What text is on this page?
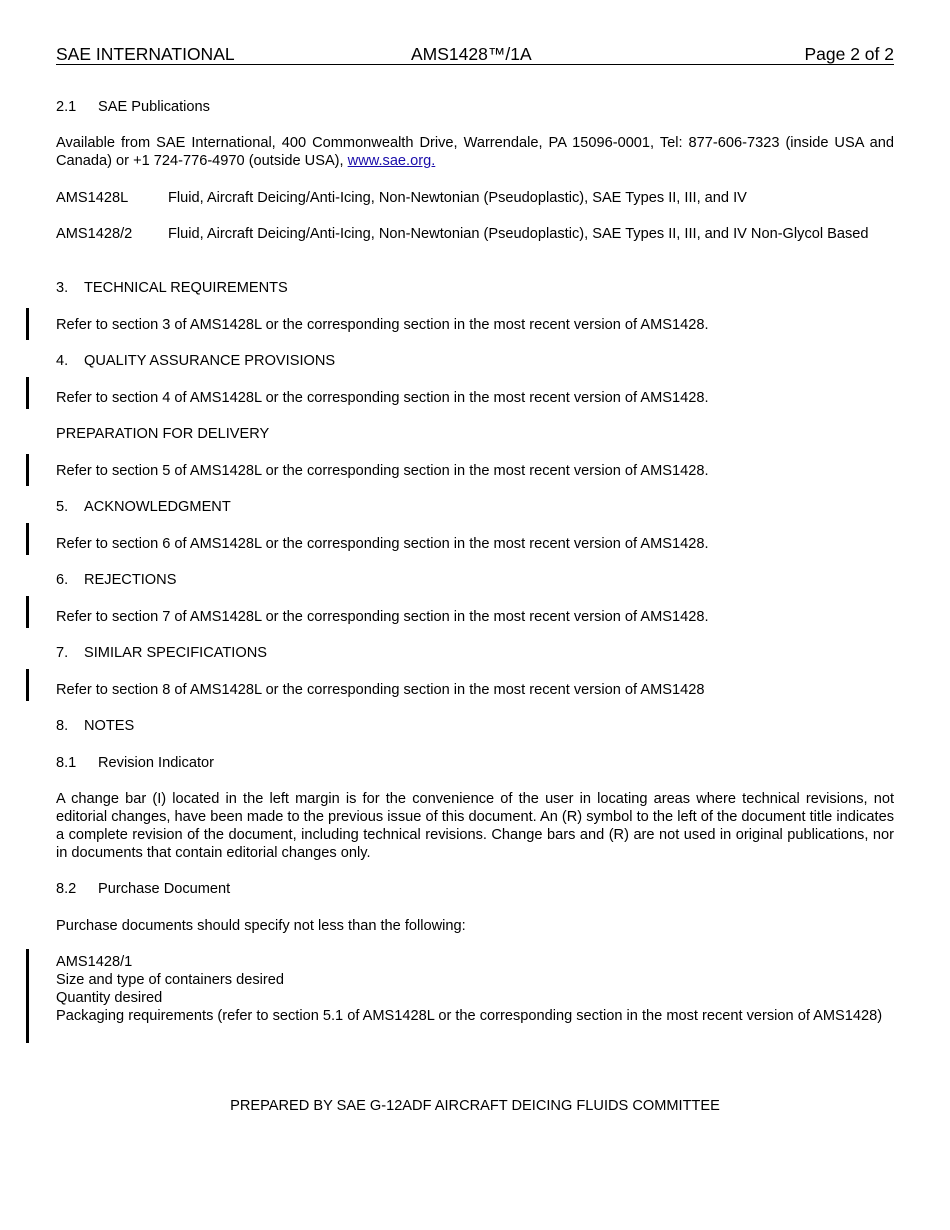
SAE INTERNATIONAL	AMS1428™/1A	Page 2 of 2
2.1 SAE Publications
Available from SAE International, 400 Commonwealth Drive, Warrendale, PA 15096-0001, Tel: 877-606-7323 (inside USA and Canada) or +1 724-776-4970 (outside USA), www.sae.org.
AMS1428L	Fluid, Aircraft Deicing/Anti-Icing, Non-Newtonian (Pseudoplastic), SAE Types II, III, and IV
AMS1428/2 Fluid, Aircraft Deicing/Anti-Icing, Non-Newtonian (Pseudoplastic), SAE Types II, III, and IV Non-Glycol Based
3. TECHNICAL REQUIREMENTS
Refer to section 3 of AMS1428L or the corresponding section in the most recent version of AMS1428.
4. QUALITY ASSURANCE PROVISIONS
Refer to section 4 of AMS1428L or the corresponding section in the most recent version of AMS1428.
PREPARATION FOR DELIVERY
Refer to section 5 of AMS1428L or the corresponding section in the most recent version of AMS1428.
5. ACKNOWLEDGMENT
Refer to section 6 of AMS1428L or the corresponding section in the most recent version of AMS1428.
6. REJECTIONS
Refer to section 7 of AMS1428L or the corresponding section in the most recent version of AMS1428.
7. SIMILAR SPECIFICATIONS
Refer to section 8 of AMS1428L or the corresponding section in the most recent version of AMS1428
8. NOTES
8.1 Revision Indicator
A change bar (I) located in the left margin is for the convenience of the user in locating areas where technical revisions, not editorial changes, have been made to the previous issue of this document. An (R) symbol to the left of the document title indicates a complete revision of the document, including technical revisions. Change bars and (R) are not used in original publications, nor in documents that contain editorial changes only.
8.2 Purchase Document
Purchase documents should specify not less than the following:
AMS1428/1
Size and type of containers desired
Quantity desired
Packaging requirements (refer to section 5.1 of AMS1428L or the corresponding section in the most recent version of AMS1428)
PREPARED BY SAE G-12ADF AIRCRAFT DEICING FLUIDS COMMITTEE
